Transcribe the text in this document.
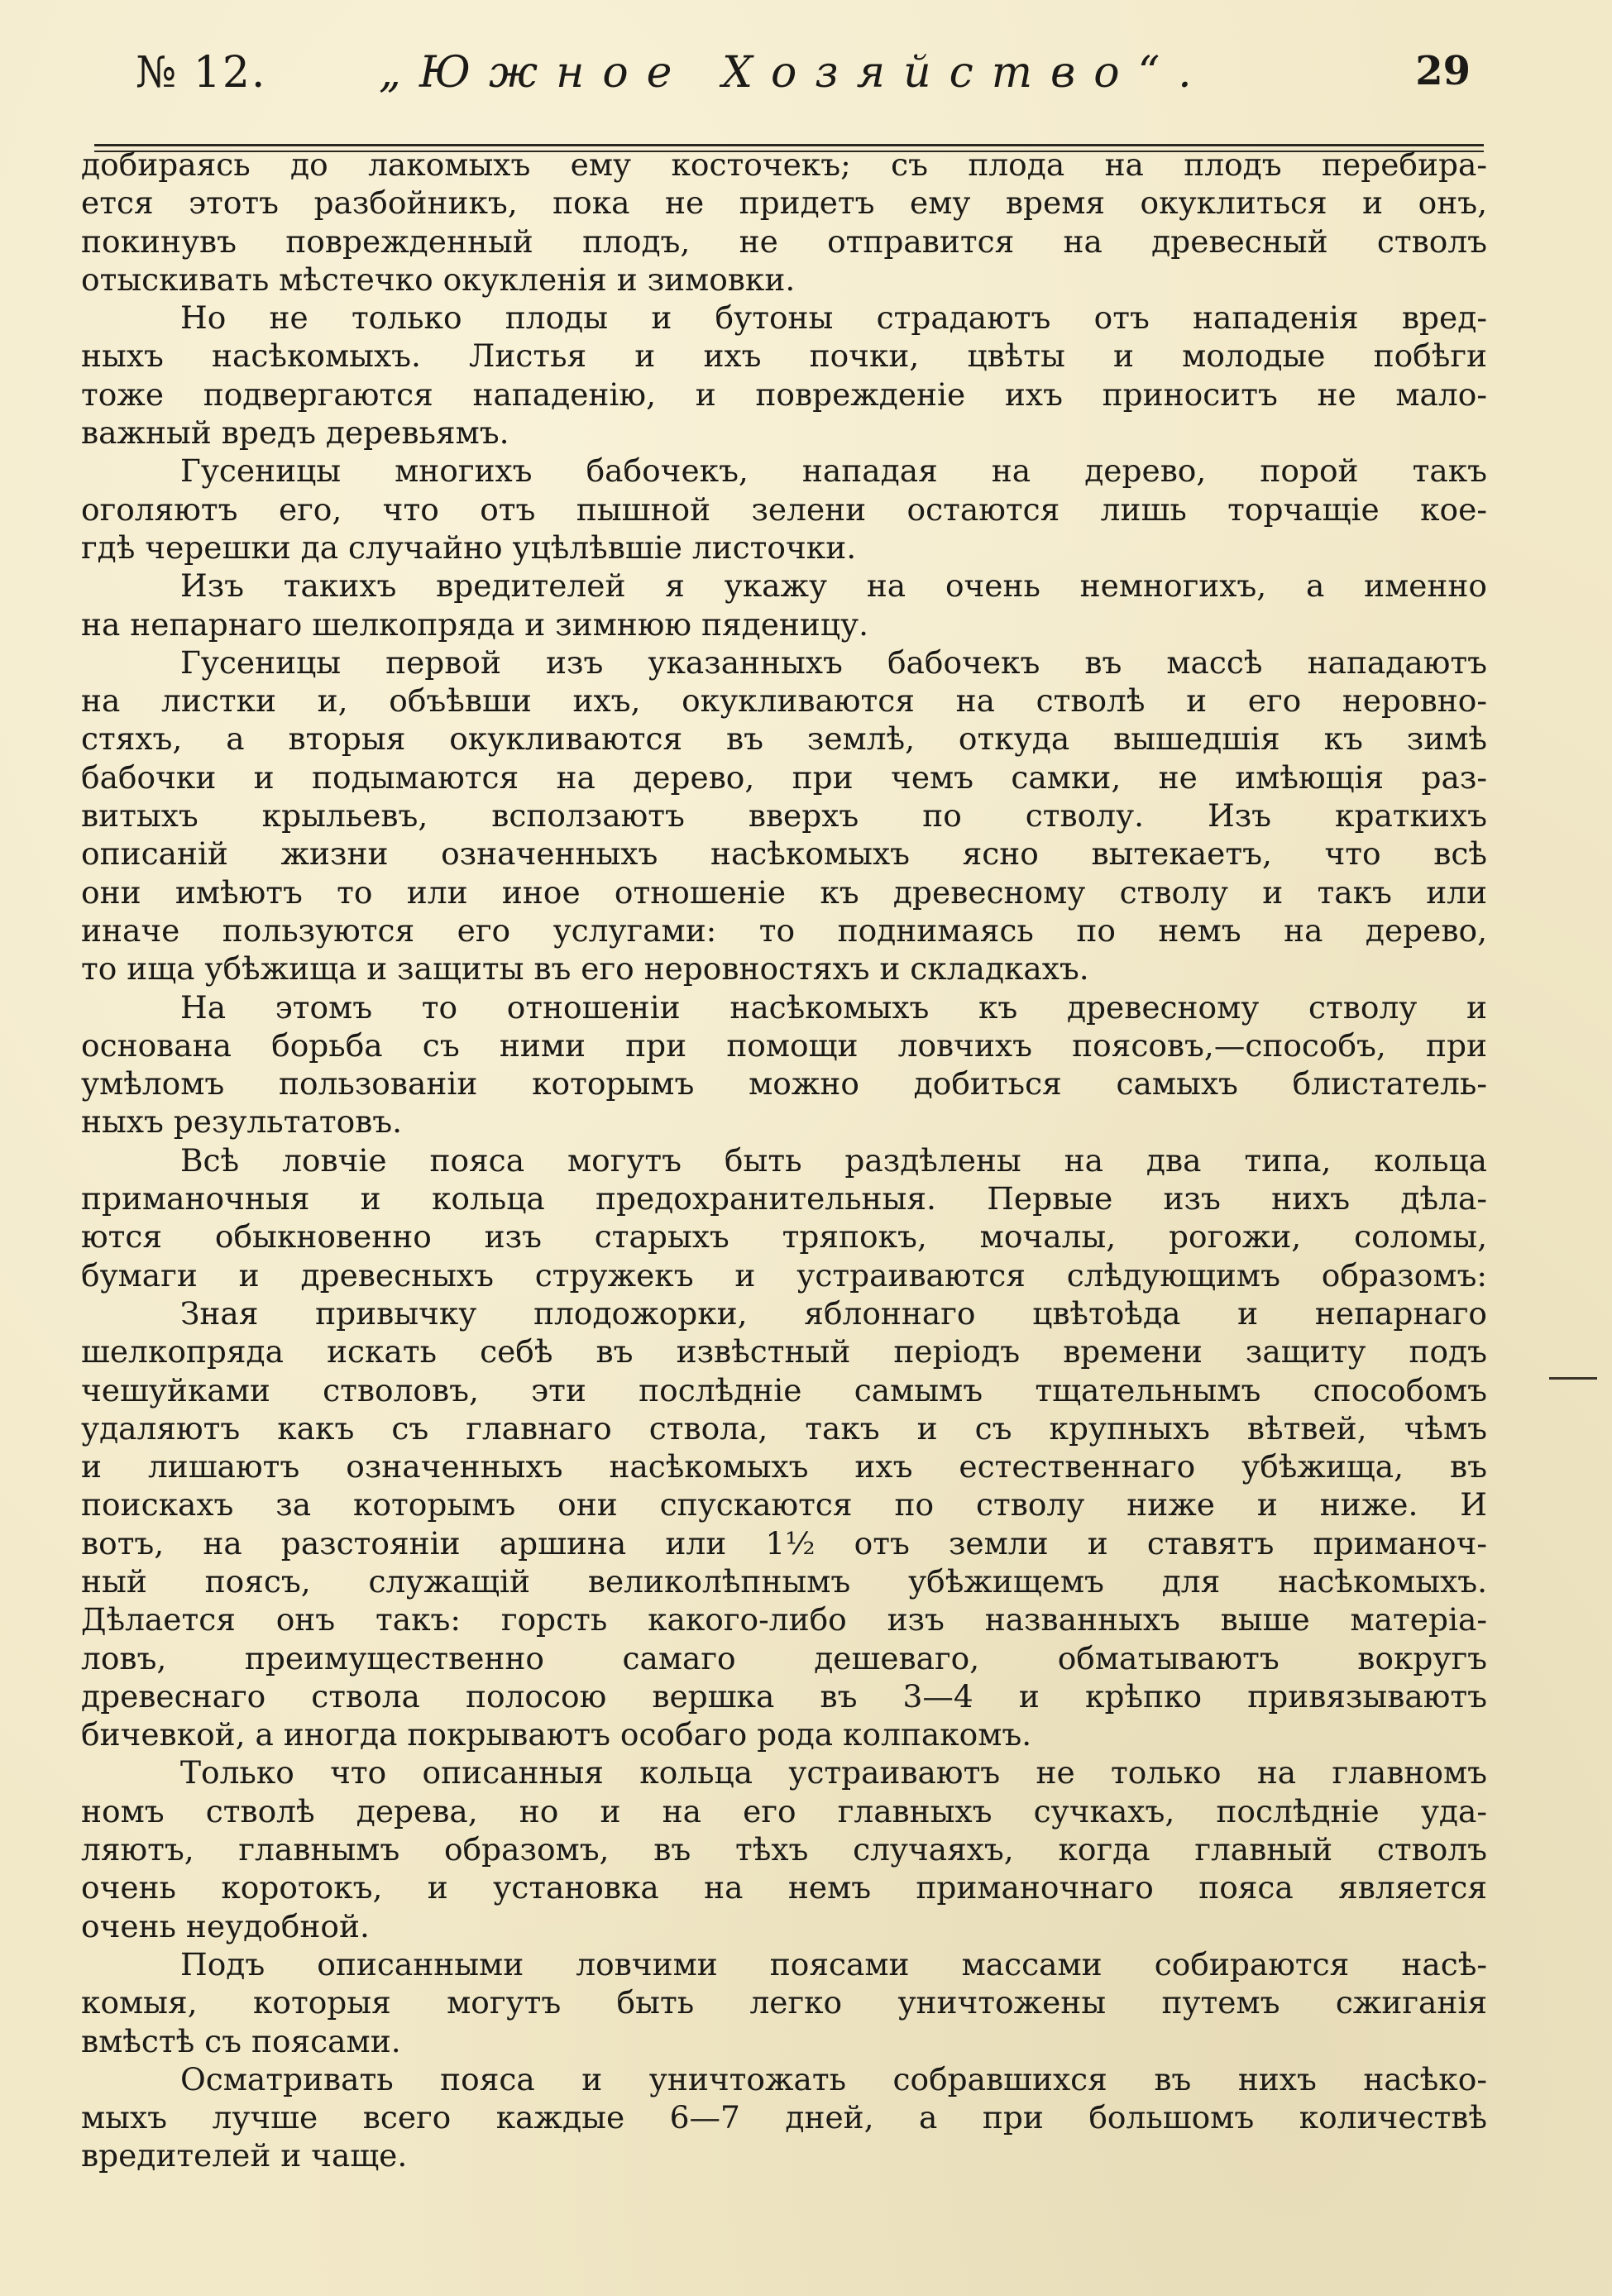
№ 12.	„Южное Хозяйство“.	29
добираясь до лакомыхъ ему косточекъ; съ плода на плодъ перебира-
ется этотъ разбойникъ, пока не придетъ ему время окуклиться и онъ,
покинувъ поврежденный плодъ, не отправится на древесный стволъ
отыскивать мѣстечко окукленія и зимовки.
Но не только плоды и бутоны страдаютъ отъ нападенія вред-
ныхъ насѣкомыхъ. Листья и ихъ почки, цвѣты и молодые побѣги
тоже подвергаются нападенію, и поврежденіе ихъ приноситъ не мало-
важный вредъ деревьямъ.
Гусеницы многихъ бабочекъ, нападая на дерево, порой такъ
оголяютъ его, что отъ пышной зелени остаются лишь торчащіе кое-
гдѣ черешки да случайно уцѣлѣвшіе листочки.
Изъ такихъ вредителей я укажу на очень немногихъ, а именно
на непарнаго шелкопряда и зимнюю пяденицу.
Гусеницы первой изъ указанныхъ бабочекъ въ массѣ нападаютъ
на листки и, объѣвши ихъ, окукливаются на стволѣ и его неровно-
стяхъ, а вторыя окукливаются въ землѣ, откуда вышедшія къ зимѣ
бабочки и подымаются на дерево, при чемъ самки, не имѣющія раз-
витыхъ крыльевъ, всползаютъ вверхъ по стволу. Изъ краткихъ
описаній жизни означенныхъ насѣкомыхъ ясно вытекаетъ, что всѣ
они имѣютъ то или иное отношеніе къ древесному стволу и такъ или
иначе пользуются его услугами: то поднимаясь по немъ на дерево,
то ища убѣжища и защиты въ его неровностяхъ и складкахъ.
На этомъ то отношеніи насѣкомыхъ къ древесному стволу и
основана борьба съ ними при помощи ловчихъ поясовъ,—способъ, при
умѣломъ пользованіи которымъ можно добиться самыхъ блистатель-
ныхъ результатовъ.
Всѣ ловчіе пояса могутъ быть раздѣлены на два типа, кольца
приманочныя и кольца предохранительныя. Первые изъ нихъ дѣла-
ются обыкновенно изъ старыхъ тряпокъ, мочалы, рогожи, соломы,
бумаги и древесныхъ стружекъ и устраиваются слѣдующимъ образомъ:
Зная привычку плодожорки, яблоннаго цвѣтоѣда и непарнаго
шелкопряда искать себѣ въ извѣстный періодъ времени защиту подъ
чешуйками стволовъ, эти послѣдніе самымъ тщательнымъ способомъ
удаляютъ какъ съ главнаго ствола, такъ и съ крупныхъ вѣтвей, чѣмъ
и лишаютъ означенныхъ насѣкомыхъ ихъ естественнаго убѣжища, въ
поискахъ за которымъ они спускаются по стволу ниже и ниже. И
вотъ, на разстояніи аршина или 1½ отъ земли и ставятъ приманоч-
ный поясъ, служащій великолѣпнымъ убѣжищемъ для насѣкомыхъ.
Дѣлается онъ такъ: горсть какого-либо изъ названныхъ выше матеріа-
ловъ, преимущественно самаго дешеваго, обматываютъ вокругъ
древеснаго ствола полосою вершка въ 3—4 и крѣпко привязываютъ
бичевкой, а иногда покрываютъ особаго рода колпакомъ.
Только что описанныя кольца устраиваютъ не только на главномъ
номъ стволѣ дерева, но и на его главныхъ сучкахъ, послѣдніе уда-
ляютъ, главнымъ образомъ, въ тѣхъ случаяхъ, когда главный стволъ
очень коротокъ, и установка на немъ приманочнаго пояса является
очень неудобной.
Подъ описанными ловчими поясами массами собираются насѣ-
комыя, которыя могутъ быть легко уничтожены путемъ сжиганія
вмѣстѣ съ поясами.
Осматривать пояса и уничтожать собравшихся въ нихъ насѣко-
мыхъ лучше всего каждые 6—7 дней, а при большомъ количествѣ
вредителей и чаще.
